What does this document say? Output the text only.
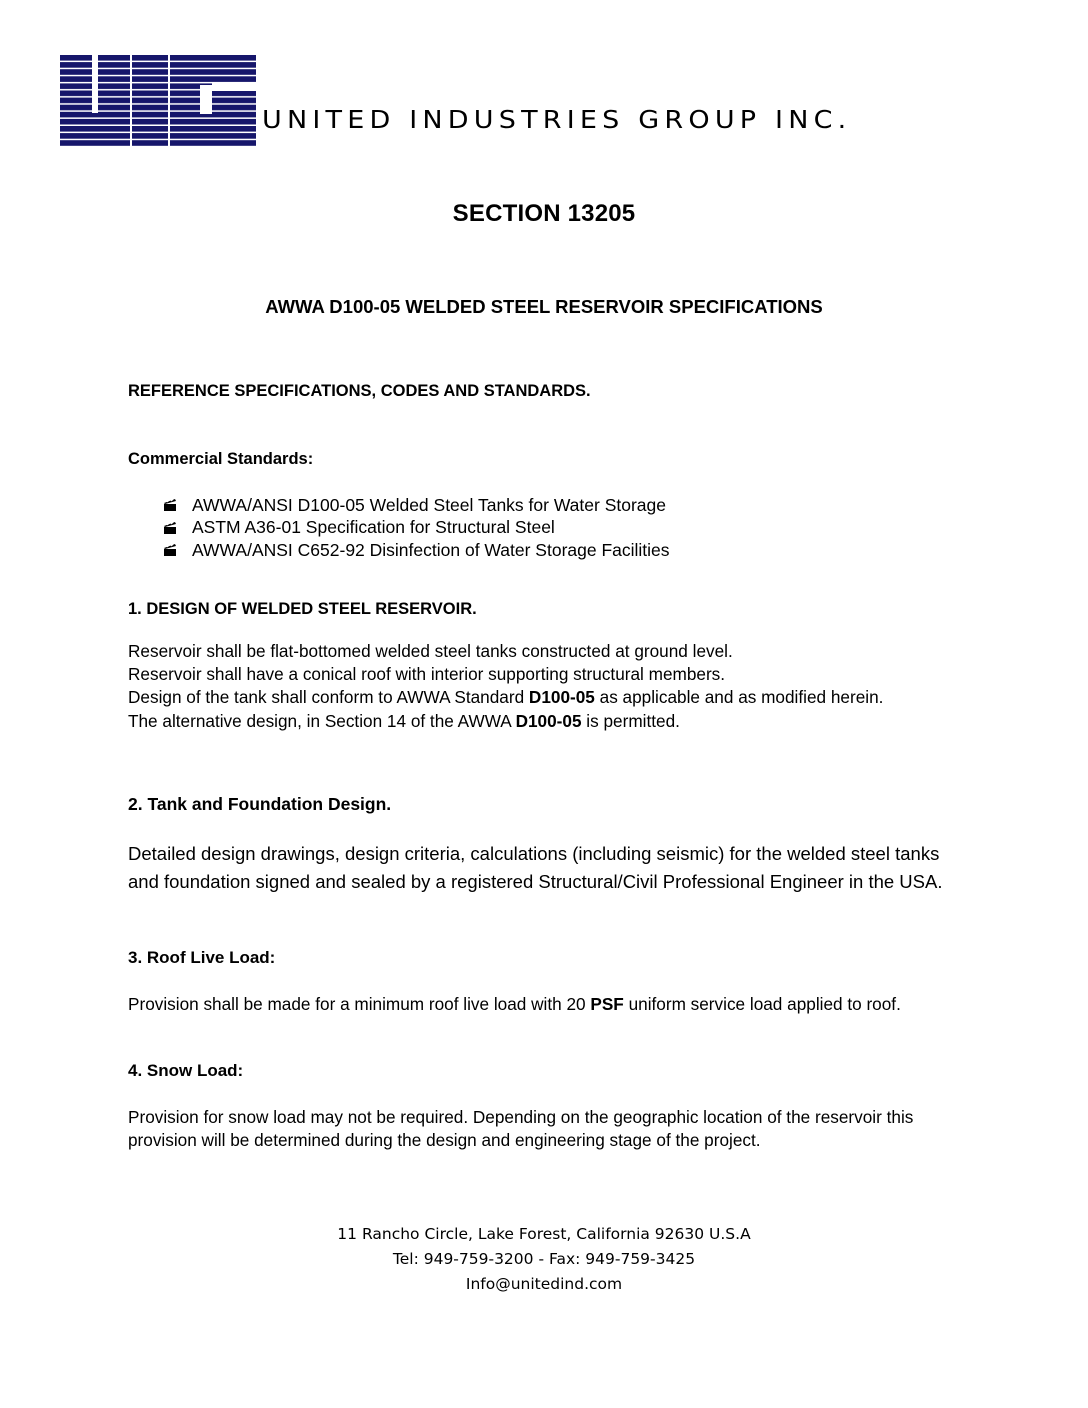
UNITED INDUSTRIES GROUP INC.
SECTION 13205
AWWA D100-05 WELDED STEEL RESERVOIR SPECIFICATIONS
REFERENCE SPECIFICATIONS, CODES AND STANDARDS.
Commercial Standards:
AWWA/ANSI D100-05 Welded Steel Tanks for Water Storage
ASTM A36-01 Specification for Structural Steel
AWWA/ANSI C652-92 Disinfection of Water Storage Facilities
1. DESIGN OF WELDED STEEL RESERVOIR.
Reservoir shall be flat-bottomed welded steel tanks constructed at ground level.
Reservoir shall have a conical roof with interior supporting structural members.
Design of the tank shall conform to AWWA Standard D100-05 as applicable and as modified herein.
The alternative design, in Section 14 of the AWWA D100-05 is permitted.
2. Tank and Foundation Design.
Detailed design drawings, design criteria, calculations (including seismic) for the welded steel tanks and foundation signed and sealed by a registered Structural/Civil Professional Engineer in the USA.
3. Roof Live Load:
Provision shall be made for a minimum roof live load with 20 PSF uniform service load applied to roof.
4. Snow Load:
Provision for snow load may not be required. Depending on the geographic location of the reservoir this provision will be determined during the design and engineering stage of the project.
11 Rancho Circle, Lake Forest, California 92630 U.S.A
Tel: 949-759-3200 - Fax: 949-759-3425
Info@unitedind.com
